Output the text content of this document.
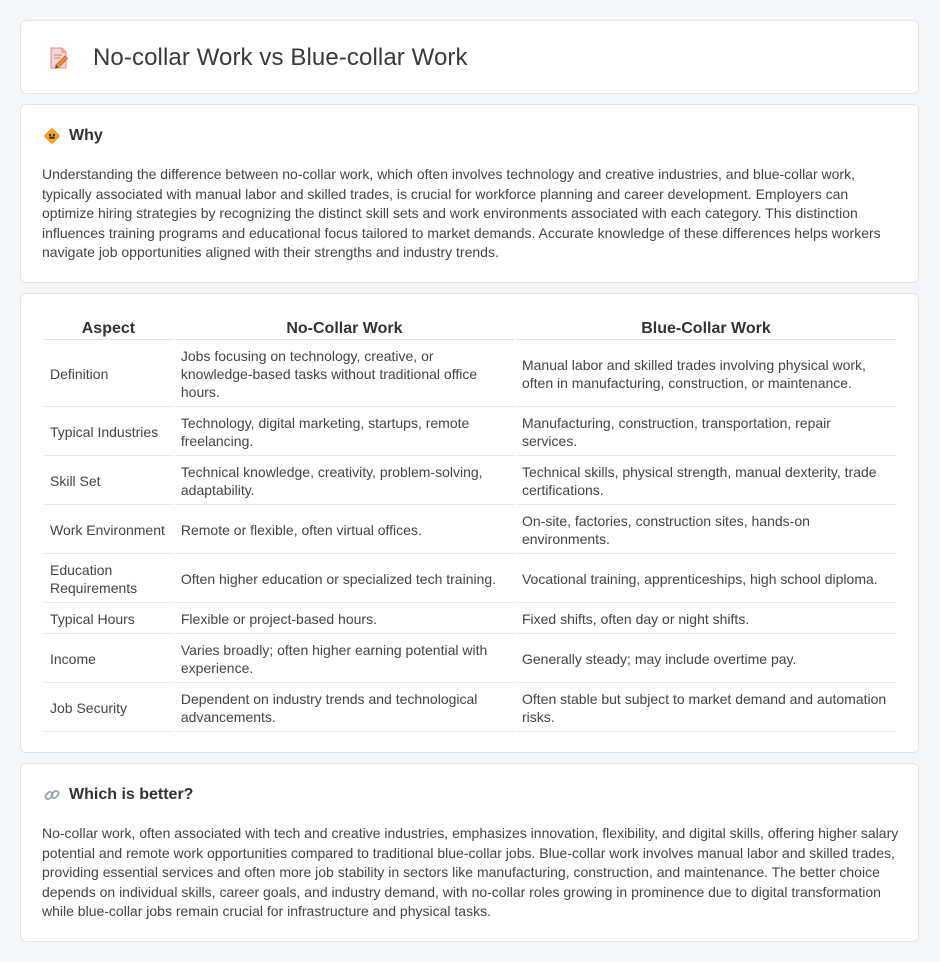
No-collar Work vs Blue-collar Work
Why

Understanding the difference between no-collar work, which often involves technology and creative industries, and blue-collar work, typically associated with manual labor and skilled trades, is crucial for workforce planning and career development. Employers can optimize hiring strategies by recognizing the distinct skill sets and work environments associated with each category. This distinction influences training programs and educational focus tailored to market demands. Accurate knowledge of these differences helps workers navigate job opportunities aligned with their strengths and industry trends.

Aspect	No-Collar Work	Blue-Collar Work
Definition	Jobs focusing on technology, creative, or knowledge-based tasks without traditional office hours.	Manual labor and skilled trades involving physical work, often in manufacturing, construction, or maintenance.
Typical Industries	Technology, digital marketing, startups, remote freelancing.	Manufacturing, construction, transportation, repair services.
Skill Set	Technical knowledge, creativity, problem-solving, adaptability.	Technical skills, physical strength, manual dexterity, trade certifications.
Work Environment	Remote or flexible, often virtual offices.	On-site, factories, construction sites, hands-on environments.
Education Requirements	Often higher education or specialized tech training.	Vocational training, apprenticeships, high school diploma.
Typical Hours	Flexible or project-based hours.	Fixed shifts, often day or night shifts.
Income	Varies broadly; often higher earning potential with experience.	Generally steady; may include overtime pay.
Job Security	Dependent on industry trends and technological advancements.	Often stable but subject to market demand and automation risks.
Which is better?

No-collar work, often associated with tech and creative industries, emphasizes innovation, flexibility, and digital skills, offering higher salary potential and remote work opportunities compared to traditional blue-collar jobs. Blue-collar work involves manual labor and skilled trades, providing essential services and often more job stability in sectors like manufacturing, construction, and maintenance. The better choice depends on individual skills, career goals, and industry demand, with no-collar roles growing in prominence due to digital transformation while blue-collar jobs remain crucial for infrastructure and physical tasks.
